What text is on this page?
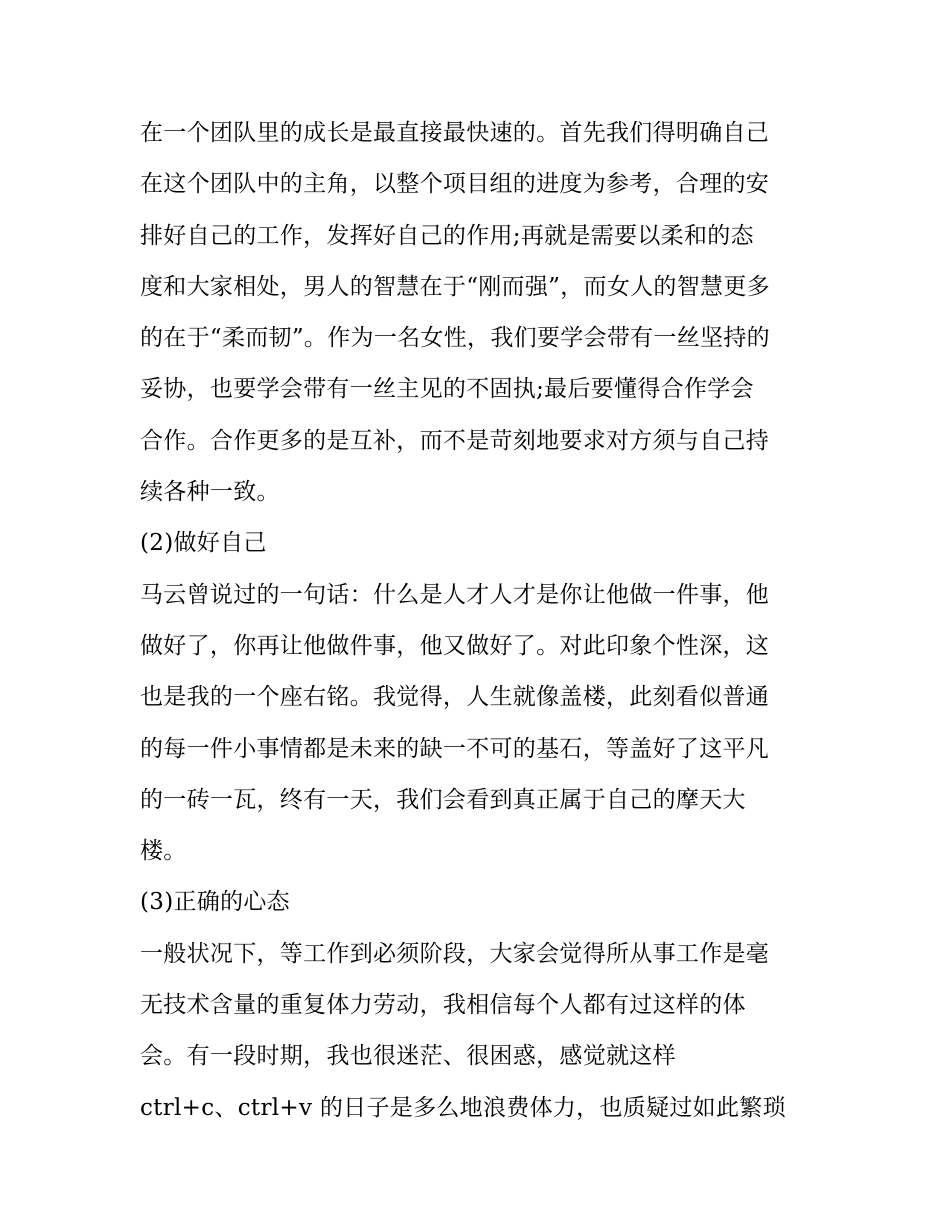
在一个团队里的成长是最直接最快速的。首先我们得明确自己
在这个团队中的主角，以整个项目组的进度为参考，合理的安
排好自己的工作，发挥好自己的作用;再就是需要以柔和的态
度和大家相处，男人的智慧在于“刚而强”，而女人的智慧更多
的在于“柔而韧”。作为一名女性，我们要学会带有一丝坚持的
妥协，也要学会带有一丝主见的不固执;最后要懂得合作学会
合作。合作更多的是互补，而不是苛刻地要求对方须与自己持
续各种一致。
(2)做好自己
马云曾说过的一句话：什么是人才人才是你让他做一件事，他
做好了，你再让他做件事，他又做好了。对此印象个性深，这
也是我的一个座右铭。我觉得，人生就像盖楼，此刻看似普通
的每一件小事情都是未来的缺一不可的基石，等盖好了这平凡
的一砖一瓦，终有一天，我们会看到真正属于自己的摩天大
楼。
(3)正确的心态
一般状况下，等工作到必须阶段，大家会觉得所从事工作是毫
无技术含量的重复体力劳动，我相信每个人都有过这样的体
会。有一段时期，我也很迷茫、很困惑，感觉就这样
ctrl+c、ctrl+v 的日子是多么地浪费体力，也质疑过如此繁琐
